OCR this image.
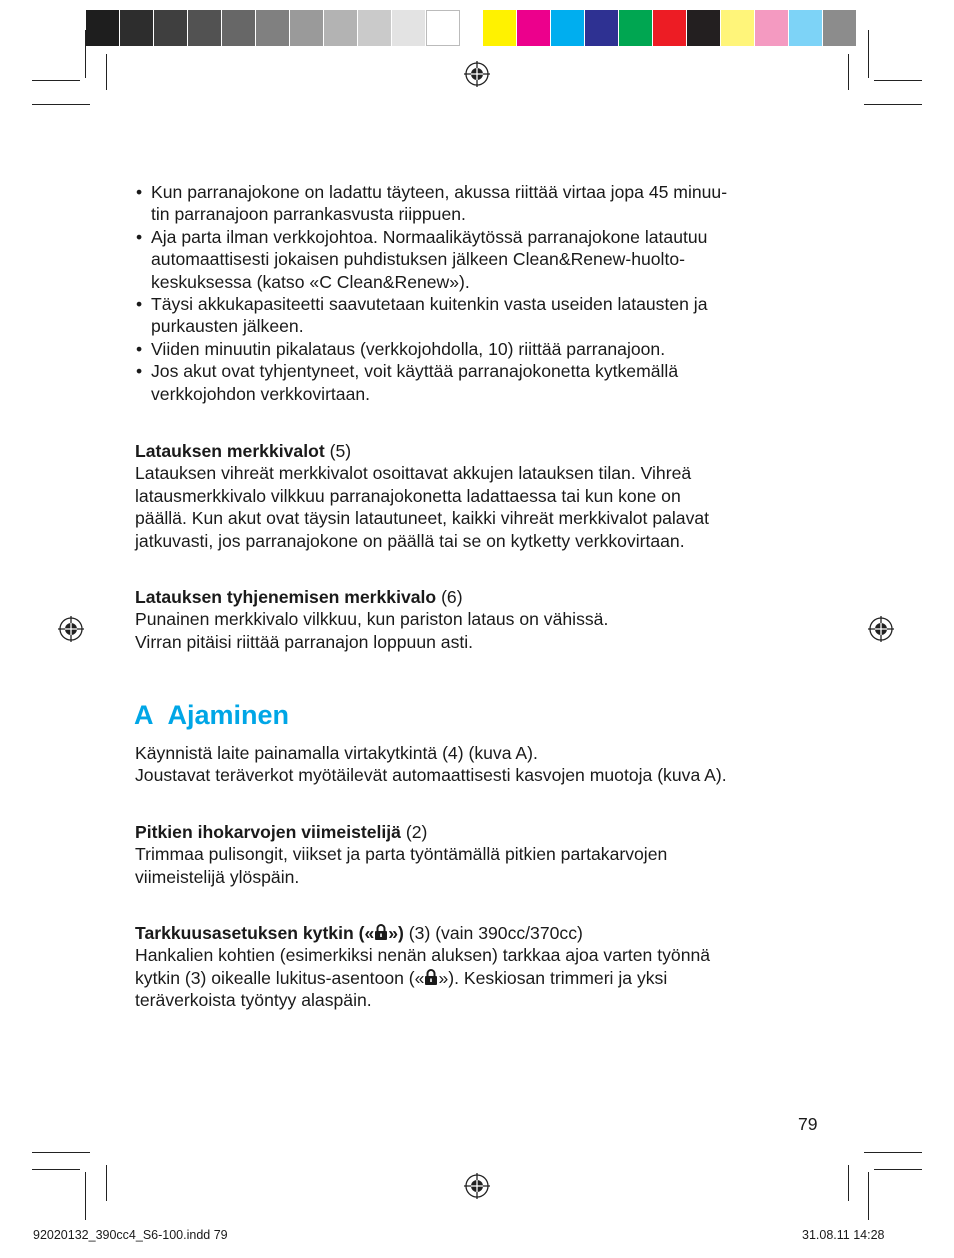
• Kun parranajokone on ladattu täyteen, akussa riittää virtaa jopa 45 minuu-
tin parranajoon parrankasvusta riippuen.
• Aja parta ilman verkkojohtoa. Normaalikäytössä parranajokone latautuu
automaattisesti jokaisen puhdistuksen jälkeen Clean&Renew-huolto-
keskuksessa (katso «C Clean&Renew»).
• Täysi akkukapasiteetti saavutetaan kuitenkin vasta useiden latausten ja
purkausten jälkeen.
• Viiden minuutin pikalataus (verkkojohdolla, 10) riittää parranajoon.
• Jos akut ovat tyhjentyneet, voit käyttää parranajokonetta kytkemällä
verkkojohdon verkkovirtaan.

Latauksen merkkivalot (5)

Latauksen vihreät merkkivalot osoittavat akkujen latauksen tilan. Vihreä

latausmerkkivalo vilkkuu parranajokonetta ladattaessa tai kun kone on

päällä. Kun akut ovat täysin latautuneet, kaikki vihreät merkkivalot palavat

jatkuvasti, jos parranajokone on päällä tai se on kytketty verkkovirtaan.

Latauksen tyhjenemisen merkkivalo (6)

Punainen merkkivalo vilkkuu, kun pariston lataus on vähissä.

Virran pitäisi riittää parranajon loppuun asti.

A Ajaminen

Käynnistä laite painamalla virtakytkintä (4) (kuva A).

Joustavat teräverkot myötäilevät automaattisesti kasvojen muotoja (kuva A).

Pitkien ihokarvojen viimeistelijä (2)

Trimmaa pulisongit, viikset ja parta työntämällä pitkien partakarvojen

viimeistelijä ylöspäin.

Tarkkuusasetuksen kytkin (« ») (3) (vain 390cc/370cc)

Hankalien kohtien (esimerkiksi nenän aluksen) tarkkaa ajoa varten työnnä

kytkin (3) oikealle lukitus-asentoon (« »). Keskiosan trimmeri ja yksi

teräverkoista työntyy alaspäin.

79
92020132_390cc4_S6-100.indd 79	31.08.11 14:28
